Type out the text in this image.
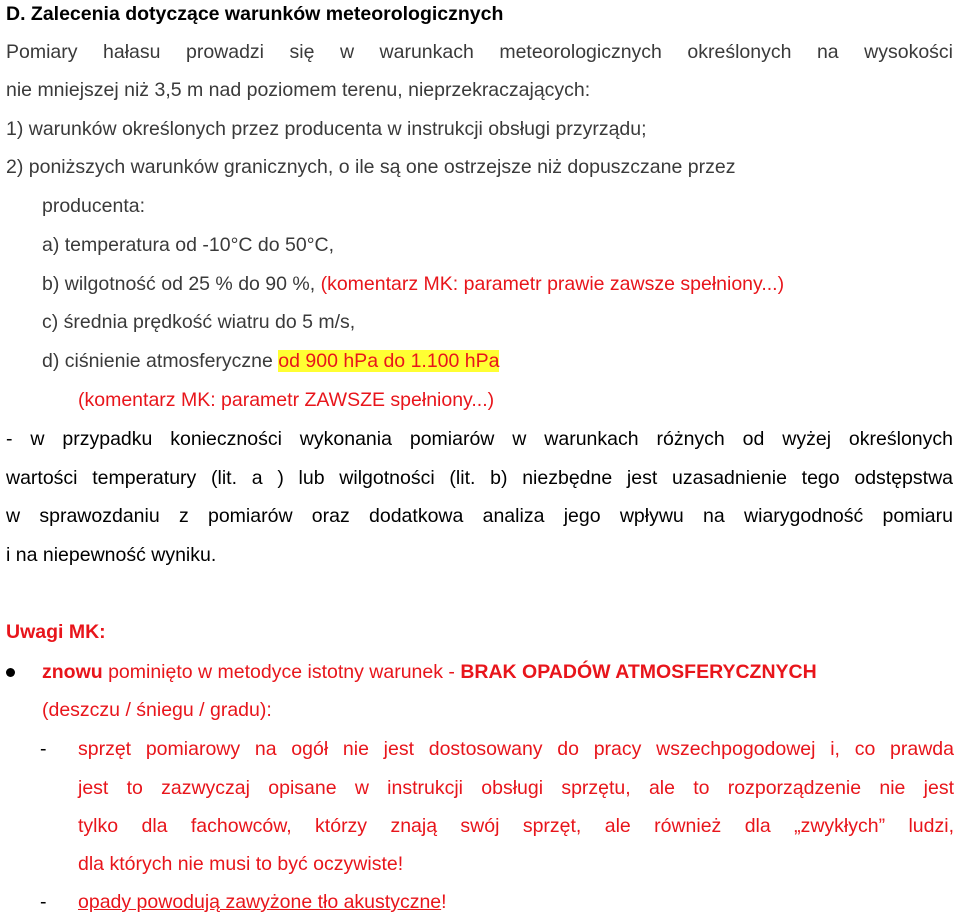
D. Zalecenia dotyczące warunków meteorologicznych
Pomiary hałasu prowadzi się w warunkach meteorologicznych określonych na wysokości
nie mniejszej niż 3,5 m nad poziomem terenu, nieprzekraczających:
1) warunków określonych przez producenta w instrukcji obsługi przyrządu;
2) poniższych warunków granicznych, o ile są one ostrzejsze niż dopuszczane przez
producenta:
a) temperatura od -10°C do 50°C,
b) wilgotność od 25 % do 90 %, (komentarz MK: parametr prawie zawsze spełniony...)
c) średnia prędkość wiatru do 5 m/s,
d) ciśnienie atmosferyczne od 900 hPa do 1.100 hPa
(komentarz MK: parametr ZAWSZE spełniony...)
- w przypadku konieczności wykonania pomiarów w warunkach różnych od wyżej określonych
wartości temperatury (lit. a ) lub wilgotności (lit. b) niezbędne jest uzasadnienie tego odstępstwa
w sprawozdaniu z pomiarów oraz dodatkowa analiza jego wpływu na wiarygodność pomiaru
i na niepewność wyniku.
Uwagi MK:
znowu pominięto w metodyce istotny warunek - BRAK OPADÓW ATMOSFERYCZNYCH
(deszczu / śniegu / gradu):
- sprzęt pomiarowy na ogół nie jest dostosowany do pracy wszechpogodowej i, co prawda
jest to zazwyczaj opisane w instrukcji obsługi sprzętu, ale to rozporządzenie nie jest
tylko dla fachowców, którzy znają swój sprzęt, ale również dla „zwykłych” ludzi,
dla których nie musi to być oczywiste!
- opady powodują zawyżone tło akustyczne!
